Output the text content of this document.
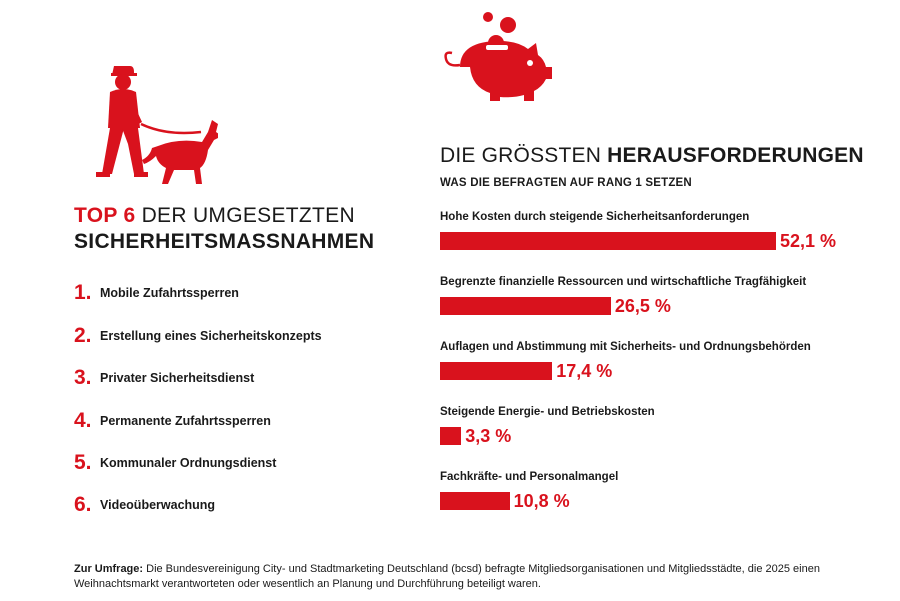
TOP 6 DER UMGESETZTEN
SICHERHEITSMASSNAHMEN
1. Mobile Zufahrtssperren
2. Erstellung eines Sicherheitskonzepts
3. Privater Sicherheitsdienst
4. Permanente Zufahrtssperren
5. Kommunaler Ordnungsdienst
6. Videoüberwachung
DIE GRÖSSTEN HERAUSFORDERUNGEN
WAS DIE BEFRAGTEN AUF RANG 1 SETZEN
Hohe Kosten durch steigende Sicherheitsanforderungen
52,1 %
Begrenzte finanzielle Ressourcen und wirtschaftliche Tragfähigkeit
26,5 %
Auflagen und Abstimmung mit Sicherheits- und Ordnungsbehörden
17,4 %
Steigende Energie- und Betriebskosten
3,3 %
Fachkräfte- und Personalmangel
10,8 %
Zur Umfrage: Die Bundesvereinigung City- und Stadtmarketing Deutschland (bcsd) befragte Mitgliedsorganisationen und Mitgliedsstädte, die 2025 einen Weihnachtsmarkt verantworteten oder wesentlich an Planung und Durchführung beteiligt waren.
